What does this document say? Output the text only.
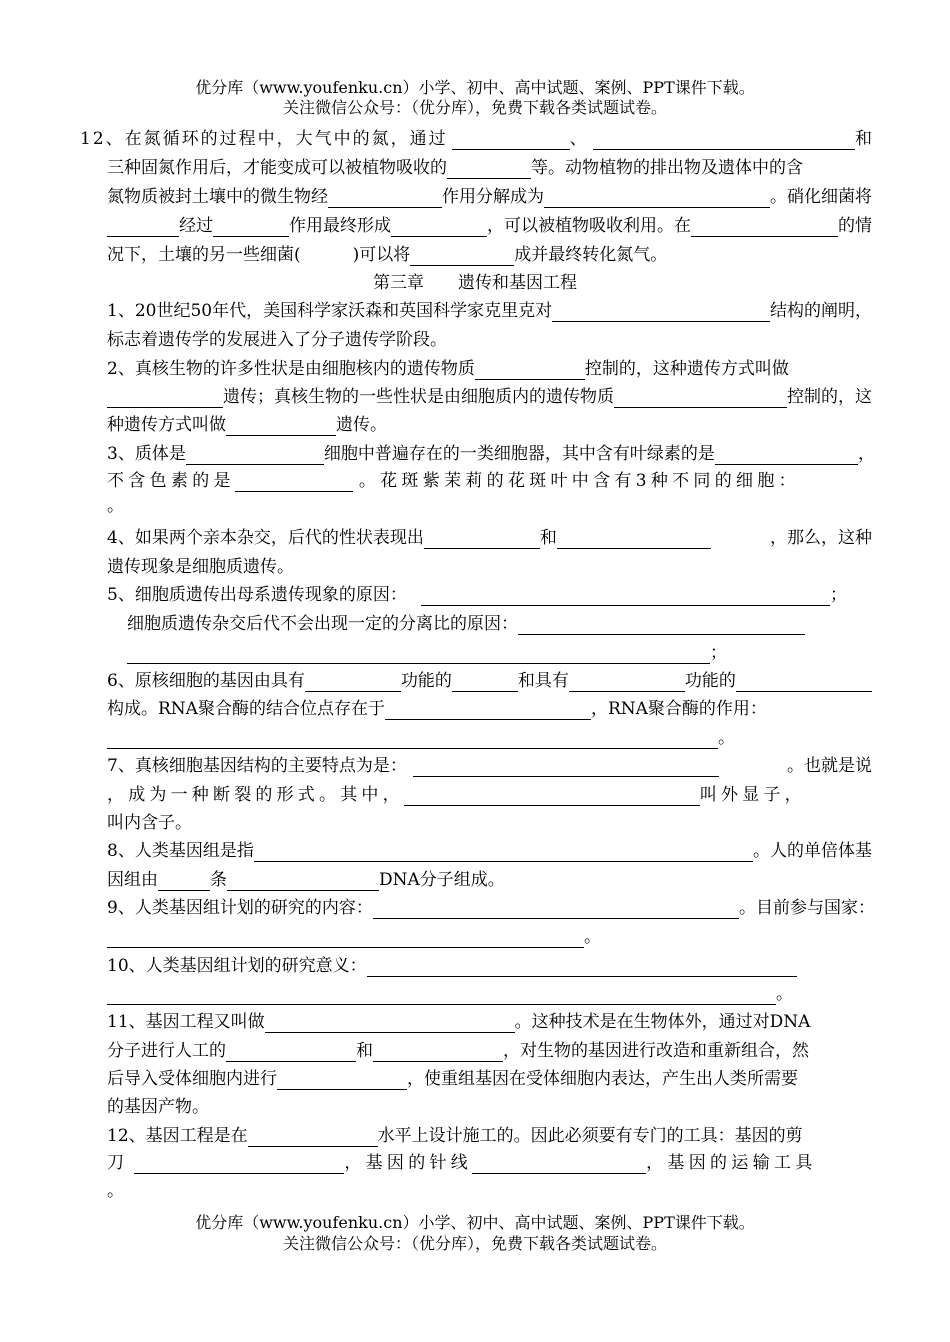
优分库（www.youfenku.cn）小学、初中、高中试题、案例、PPT课件下载。
关注微信公众号：（优分库），免费下载各类试题试卷。
12、在氮循环的过程中，大气中的氮，通过	、	和
三种固氮作用后，才能变成可以被植物吸收的	等。动物植物的排出物及遗体中的含
氮物质被封土壤中的微生物经	作用分解成为	。硝化细菌将
经过	作用最终形成	，可以被植物吸收利用。在	的情
况下，土壤的另一些细菌(	)可以将	成并最终转化氮气。
第三章　　遗传和基因工程
1、20世纪50年代，美国科学家沃森和英国科学家克里克对	结构的阐明，
标志着遗传学的发展进入了分子遗传学阶段。
2、真核生物的许多性状是由细胞核内的遗传物质	控制的，这种遗传方式叫做
遗传；真核生物的一些性状是由细胞质内的遗传物质	控制的，这
种遗传方式叫做	遗传。
3、质体是	细胞中普遍存在的一类细胞器，其中含有叶绿素的是	，
不含色素的是	。花斑紫茉莉的花斑叶中含有3种不同的细胞：
。
4、如果两个亲本杂交，后代的性状表现出	和	，那么，这种
遗传现象是细胞质遗传。
5、细胞质遗传出母系遗传现象的原因：	；
细胞质遗传杂交后代不会出现一定的分离比的原因：
；
6、原核细胞的基因由具有	功能的	和具有	功能的
构成。RNA聚合酶的结合位点存在于	，RNA聚合酶的作用：
。
7、真核细胞基因结构的主要特点为是：	。也就是说
，成为一种断裂的形式。其中，	叫外显子，
叫内含子。
8、人类基因组是指	。人的单倍体基
因组由	条	DNA分子组成。
9、人类基因组计划的研究的内容：	。目前参与国家：
。
10、人类基因组计划的研究意义：
。
11、基因工程又叫做	。这种技术是在生物体外，通过对DNA
分子进行人工的	和	，对生物的基因进行改造和重新组合，然
后导入受体细胞内进行	，使重组基因在受体细胞内表达，产生出人类所需要
的基因产物。
12、基因工程是在	水平上设计施工的。因此必须要有专门的工具：基因的剪
刀	，基因的针线	，基因的运输工具
。
优分库（www.youfenku.cn）小学、初中、高中试题、案例、PPT课件下载。
关注微信公众号：（优分库），免费下载各类试题试卷。
